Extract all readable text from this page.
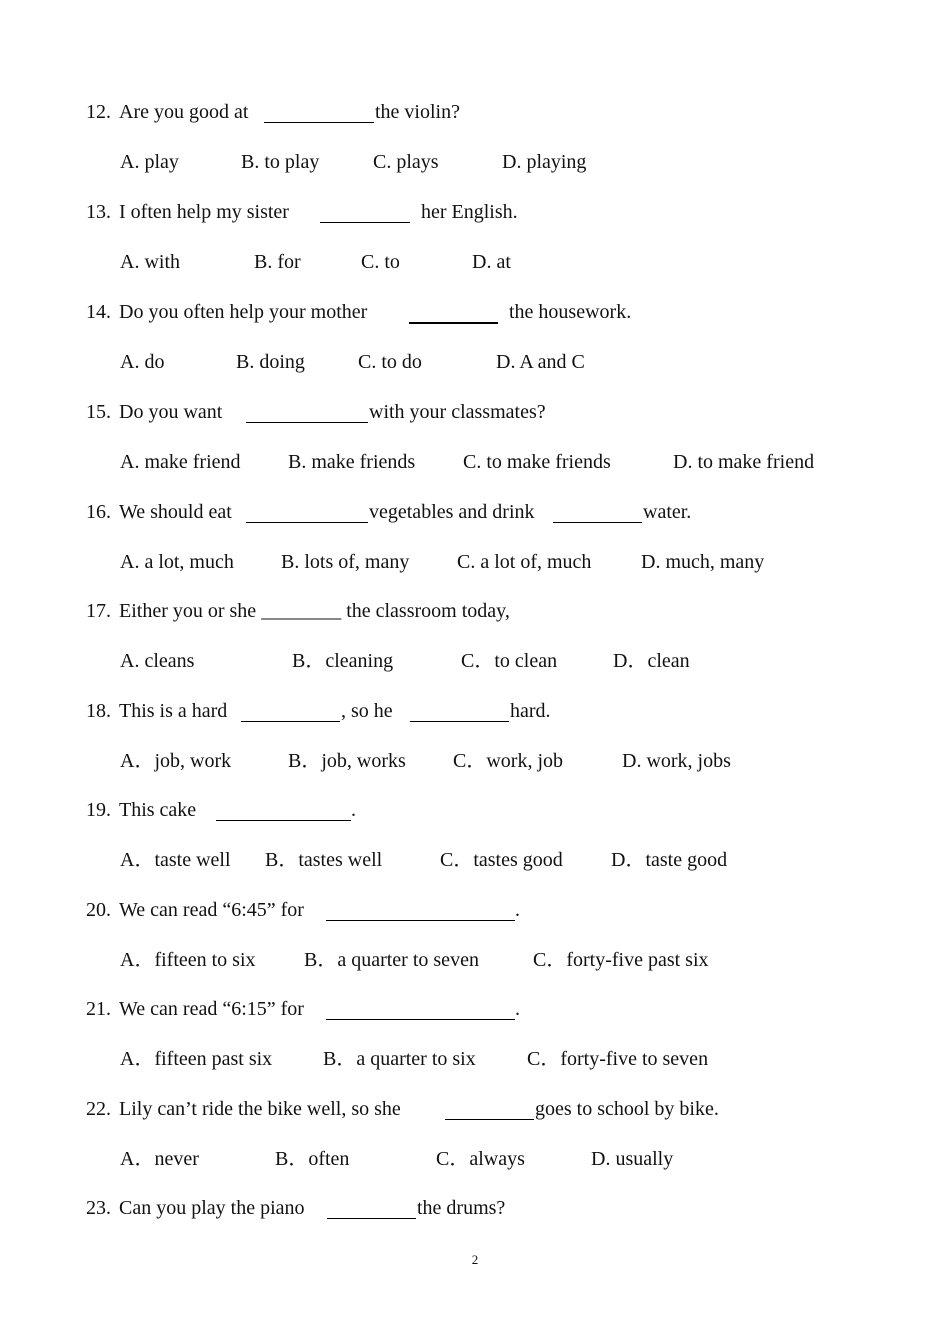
12. Are you good at	the violin?
A. play	B. to play	C. plays	D. playing
13. I often help my sister	her English.
A. with	B. for	C. to	D. at
14. Do you often help your mother	the housework.
A. do	B. doing	C. to do	D. A and C
15. Do you want	with your classmates?
A. make friend B. make friends C. to make friends	D. to make friend
16. We should eat	vegetables and drink	water.
A. a lot, much B. lots of, many C. a lot of, much D. much, many
17. Either you or she ________ the classroom today,
A. cleans	B．cleaning	C．to clean	D．clean
18. This is a hard	, so he	hard.
A．job, work	B．job, works C．work, job	D. work, jobs
19. This cake	.
A．taste well B．tastes well	C．tastes good D．taste good
20. We can read “6:45” for	.
A．fifteen to six B．a quarter to seven	C．forty-five past six
21. We can read “6:15” for	.
A．fifteen past six	B．a quarter to six	C．forty-five to seven
22. Lily can’t ride the bike well, so she	goes to school by bike.
A．never	B．often	C．always	D. usually
23. Can you play the piano	the drums?
2
